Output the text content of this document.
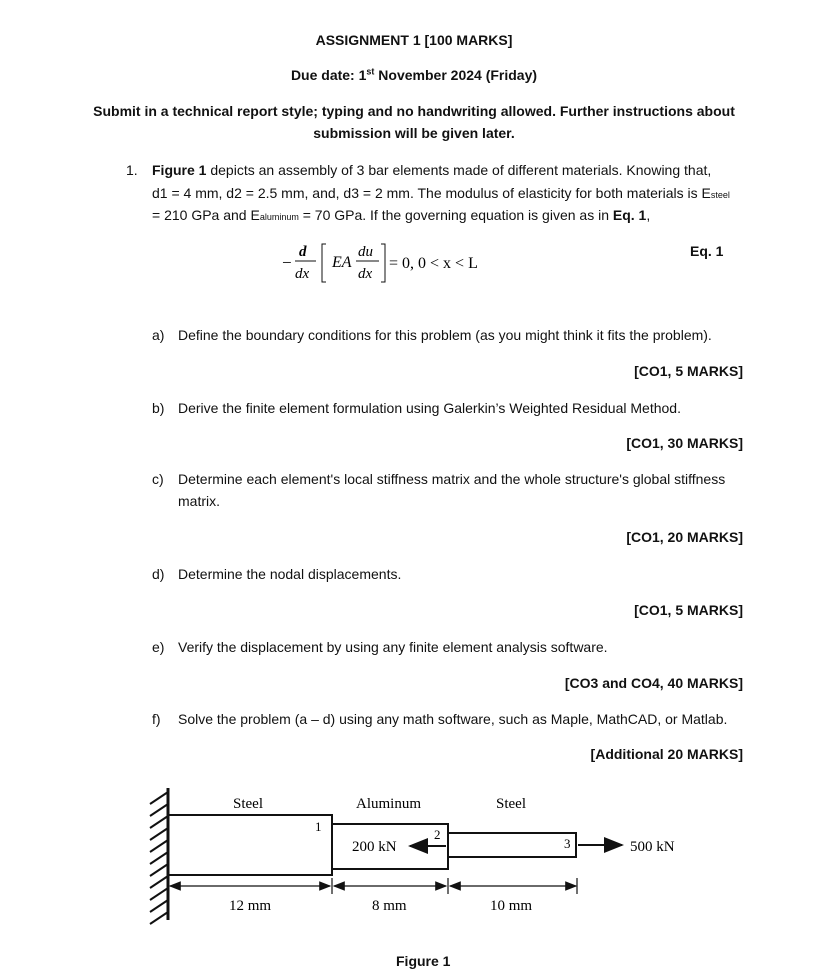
ASSIGNMENT 1 [100 MARKS]
Due date: 1st November 2024 (Friday)
Submit in a technical report style; typing and no handwriting allowed. Further instructions about
submission will be given later.
1. Figure 1 depicts an assembly of 3 bar elements made of different materials. Knowing that,
d1 = 4 mm, d2 = 2.5 mm, and, d3 = 2 mm. The modulus of elasticity for both materials is Esteel
= 210 GPa and Ealuminum = 70 GPa. If the governing equation is given as in Eq. 1,
−
d
dx
EA
du
dx
= 0, 0 < x < L
Eq. 1
a) Define the boundary conditions for this problem (as you might think it fits the problem).
[CO1, 5 MARKS]
b) Derive the finite element formulation using Galerkin’s Weighted Residual Method.
[CO1, 30 MARKS]
c) Determine each element's local stiffness matrix and the whole structure's global stiffness
matrix.
[CO1, 20 MARKS]
d) Determine the nodal displacements.
[CO1, 5 MARKS]
e) Verify the displacement by using any finite element analysis software.
[CO3 and CO4, 40 MARKS]
f) Solve the problem (a – d) using any math software, such as Maple, MathCAD, or Matlab.
[Additional 20 MARKS]
Steel	Aluminum	Steel
1
2
3
200 kN	500 kN
12 mm	8 mm	10 mm
Figure 1
